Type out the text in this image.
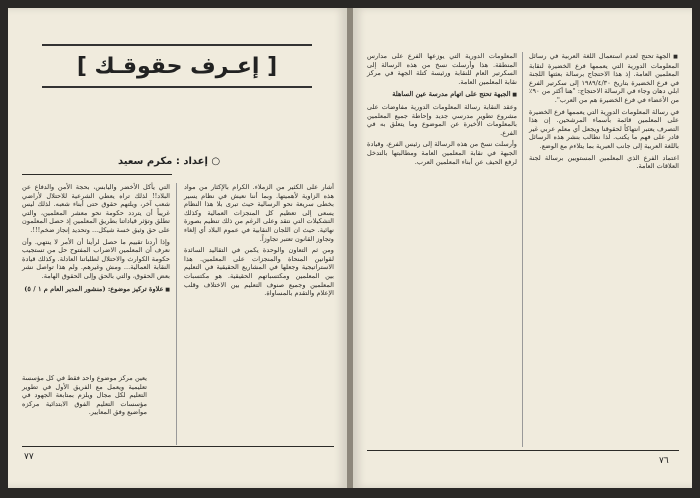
[ إعـرف حقوقـك ]
○ إعداد : مكرم سعيد

أشار على الكثير من الزملاء. الكرام بالإكثار من مواد هذه الزاوية لأهميتها. وبما أننا نعيش في نظام يسير بخطى سريعة نحو الرسالية حيث تبرى بلا هذا النظام يسعى إلى تعظيم كل المنجزات العمالية وكذلك التشكيلات التي نتقد وعلى الرغم من ذلك تنظيم بصورة نهائية. حيث ان اللجان النقابية في عموم البلاد أي إلغاء وتجاوز القانون تعتبر تجاوزاً.

ومن ثم التعاون والوحدة يكمن في التقاليد السائدة لقوانين المنحاة والمنجزات على المعلمين. هذا الاستراتيجية وجعلها في المشاريع الحقيقية في التعليم بين المعلمين ومكتسباتهم الحقيقية. هو مكتسبات المعلمين وجميع صنوف التعليم بين الاختلاف وقلب الإعلام والتقدم بالمساواة.

التي يأكل الأخضر واليابس، بحجة الأمن والدفاع عن البلاد!! لذلك تراه يعطي الشرعية للاحتلال لأراضي شعب آخر، ويلتهم حقوق حتى أبناء شعبه. لذلك ليس غريباً أن يتردد حكومة نحو معشر المعلمين، والتي تطلق وتؤثر قياداتنا بطريق المعلمين إذ حصل المعلمون على حق وثيق خسة شيكل... وتحديد إنجاز ضخم!!!.

وإذا أردنا تقييم ما حصل لرأينا أن الأمر لا ينتهي. وأن نعرف أن المعلمين الاضراب المفتوح حل من تستجيب حكومة الكوارث والاحتلال لطلباتنا العادلة. وكذلك قيادة النقابة العمالية... ومش وغيرهم. ولم هذا تواصل نشر بعض الحقوق، والتي بالحق وإلى الحقوق الهامة.

■ علاوة تركيز موضوع: (منشور المدير العام م ١ / ٥)

يعين مركز موضوع واحد فقط في كل مؤسسة تعليمية ويعمل مع الفريق الأول في تطوير التعليم لكل مجال ويلزم بمتابعة الجهود في مؤسسات التعليم الفوق الابتدائية مركزه مواضيع وفق المعايير.
٧٧

■ الجهة تحتج لعدم استعمال اللغة العربية في رسائل المعلومات الدورية التي يعممها فرع الخضيرة لنقابة المعلمين العامة. إذ هذا الاحتجاج برسالة بعثتها اللجنة في فرع الخضيرة بتاريخ ١٩٨٩/٤/٣٠ إلى سكرتير الفرع ابلي دهان وجاء في الرسالة الاحتجاج: "هنا أكثر من ٩٠٪ من الأعضاء في فرع الخضيرة هم من العرب".

في رسالة المعلومات الدورية التي يعممها فرع الخضيرة على المعلمين قائمة بأسماء المرشحين. إن هذا التصرف يعتبر انتهاكاً لحقوقنا ويجعل أي معلم عربي غير قادر على فهم ما يكتب. لذا نطالب بنشر هذه الرسائل باللغة العربية إلى جانب العبرية بما يتلاءم مع الوضع.

اعتماد الفرع الذي المعلمين المستويين برسالة لجنة العلاقات العامة.

المعلومات الدورية التي يوزعها الفرع على مدارس المنطقة. هذا وأرسلت نسخ من هذه الرسالة إلى السكرتير العام للنقابة ورئيسة كتلة الجهة في مركز نقابة المعلمين العامة.

■ الجبهة تحتج على اتهام مدرسة عين الساهلة

وعقد النقابة رسالة المعلومات الدورية مفاوضات على مشروع تطوير مدرسي جديد وإحاطة جميع المعلمين بالمعلومات الأخيرة عن الموضوع وما يتعلق به في الفرع.

وأرسلت نسخ من هذه الرسالة إلى رئيس الفرع، وقيادة الجبهة في نقابة المعلمين العامة ومطالبتها بالتدخل لرفع الحيف عن أبناء المعلمين العرب.

٧٦
